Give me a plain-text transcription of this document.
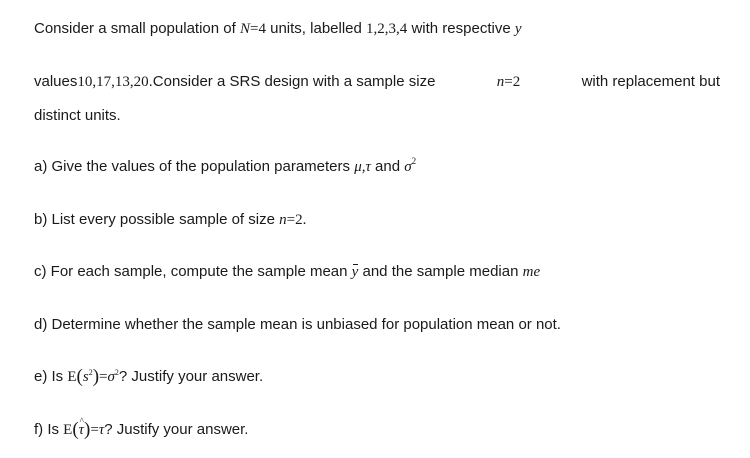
Consider a small population of N=4 units, labelled 1,2,3,4 with respective y
values10,17,13,20.Consider a SRS design with a sample size	n=2	with replacement but
distinct units.
a) Give the values of the population parameters μ,τ and $\sigma^2$
b) List every possible sample of size n=2.
c) For each sample, compute the sample mean y and the sample median me
d) Determine whether the sample mean is unbiased for population mean or not.
e) Is $E(s^2)=\sigma^2$? Justify your answer.
f) Is E(^ τ)=τ? Justify your answer.
